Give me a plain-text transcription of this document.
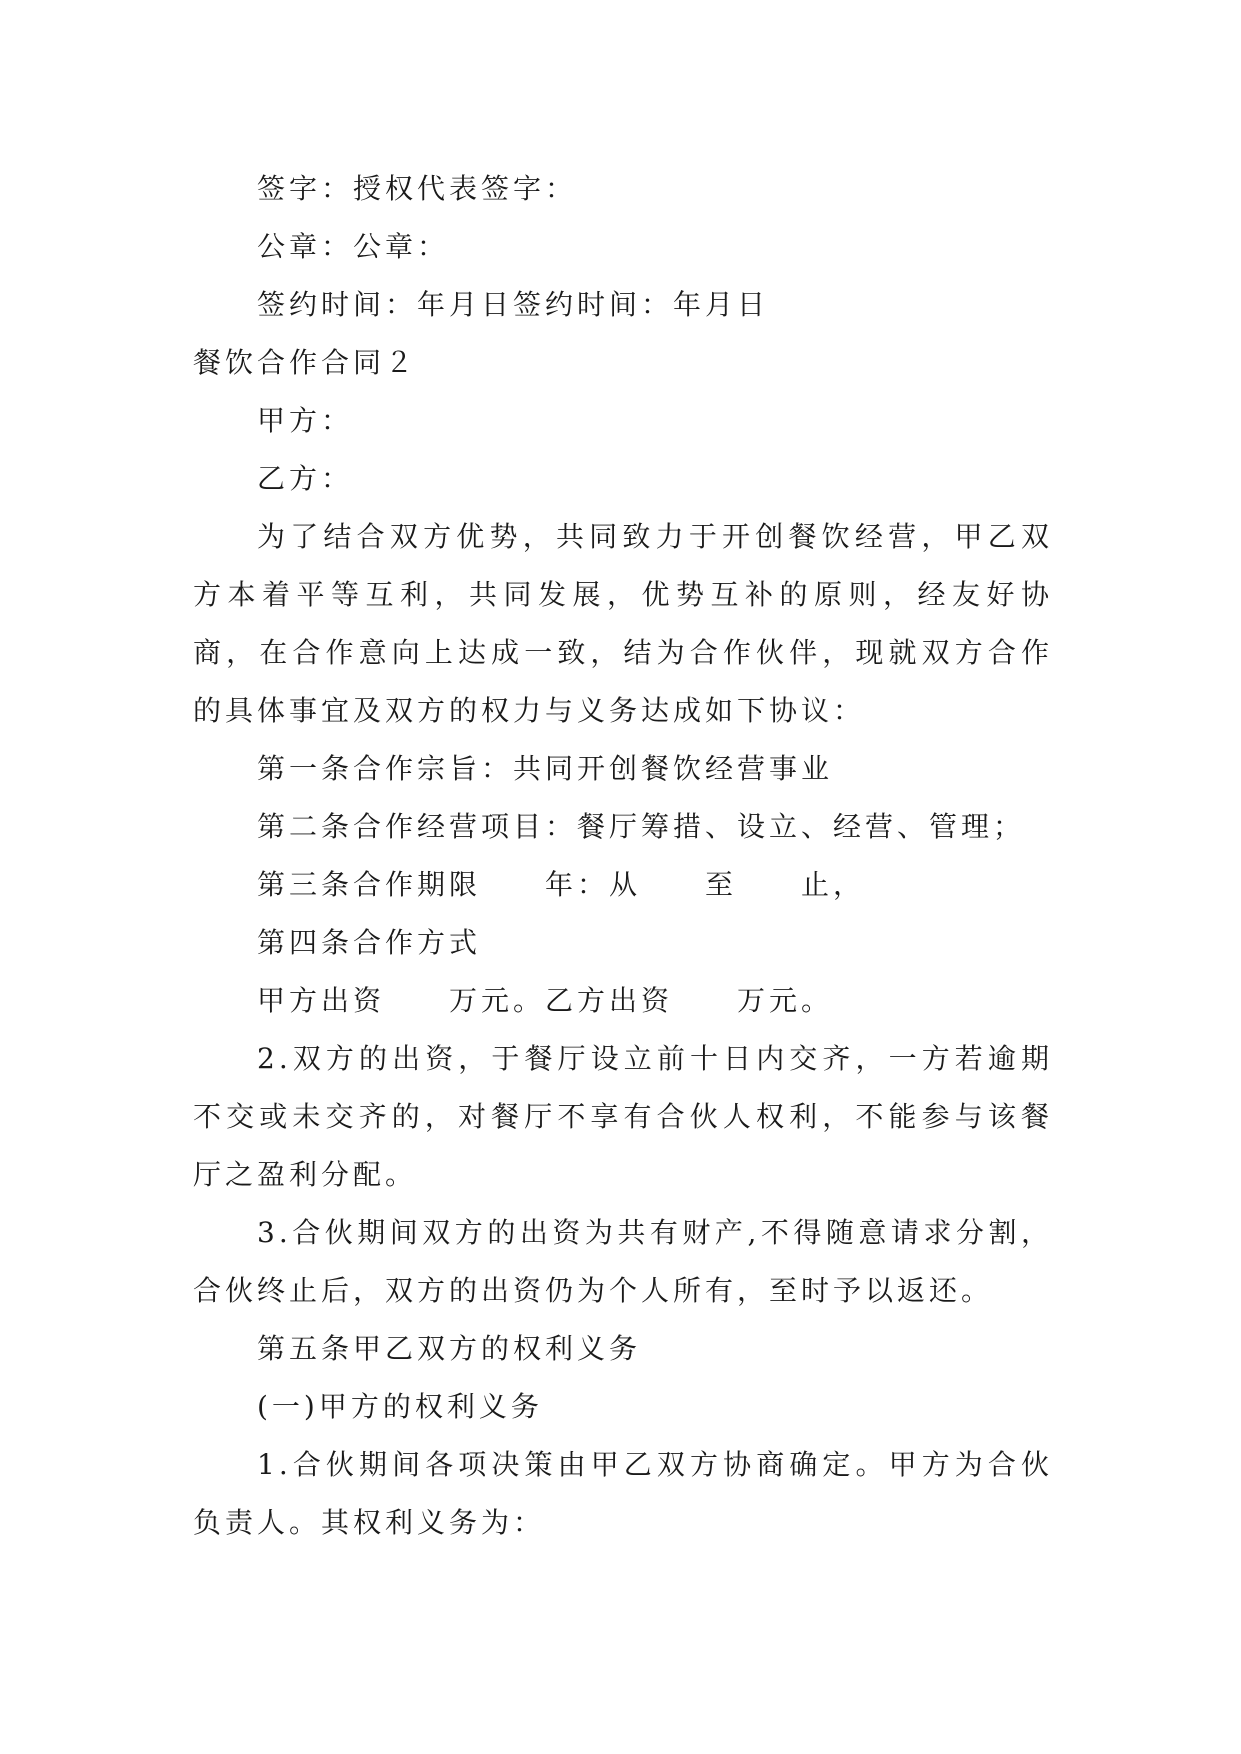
签字：授权代表签字：
公章：公章：
签约时间：年月日签约时间：年月日
餐饮合作合同２
甲方：
乙方：

为了结合双方优势，共同致力于开创餐饮经营，甲乙双方本着平等互利，共同发展，优势互补的原则，经友好协商，在合作意向上达成一致，结为合作伙伴，现就双方合作的具体事宜及双方的权力与义务达成如下协议：

第一条合作宗旨：共同开创餐饮经营事业
第二条合作经营项目：餐厅筹措、设立、经营、管理；
第三条合作期限　　年：从　　至　　止，
第四条合作方式
甲方出资　　万元。乙方出资　　万元。

2.双方的出资，于餐厅设立前十日内交齐，一方若逾期不交或未交齐的，对餐厅不享有合伙人权利，不能参与该餐厅之盈利分配。

3.合伙期间双方的出资为共有财产,不得随意请求分割，合伙终止后，双方的出资仍为个人所有，至时予以返还。

第五条甲乙双方的权利义务
(一)甲方的权利义务

1.合伙期间各项决策由甲乙双方协商确定。甲方为合伙负责人。其权利义务为：
